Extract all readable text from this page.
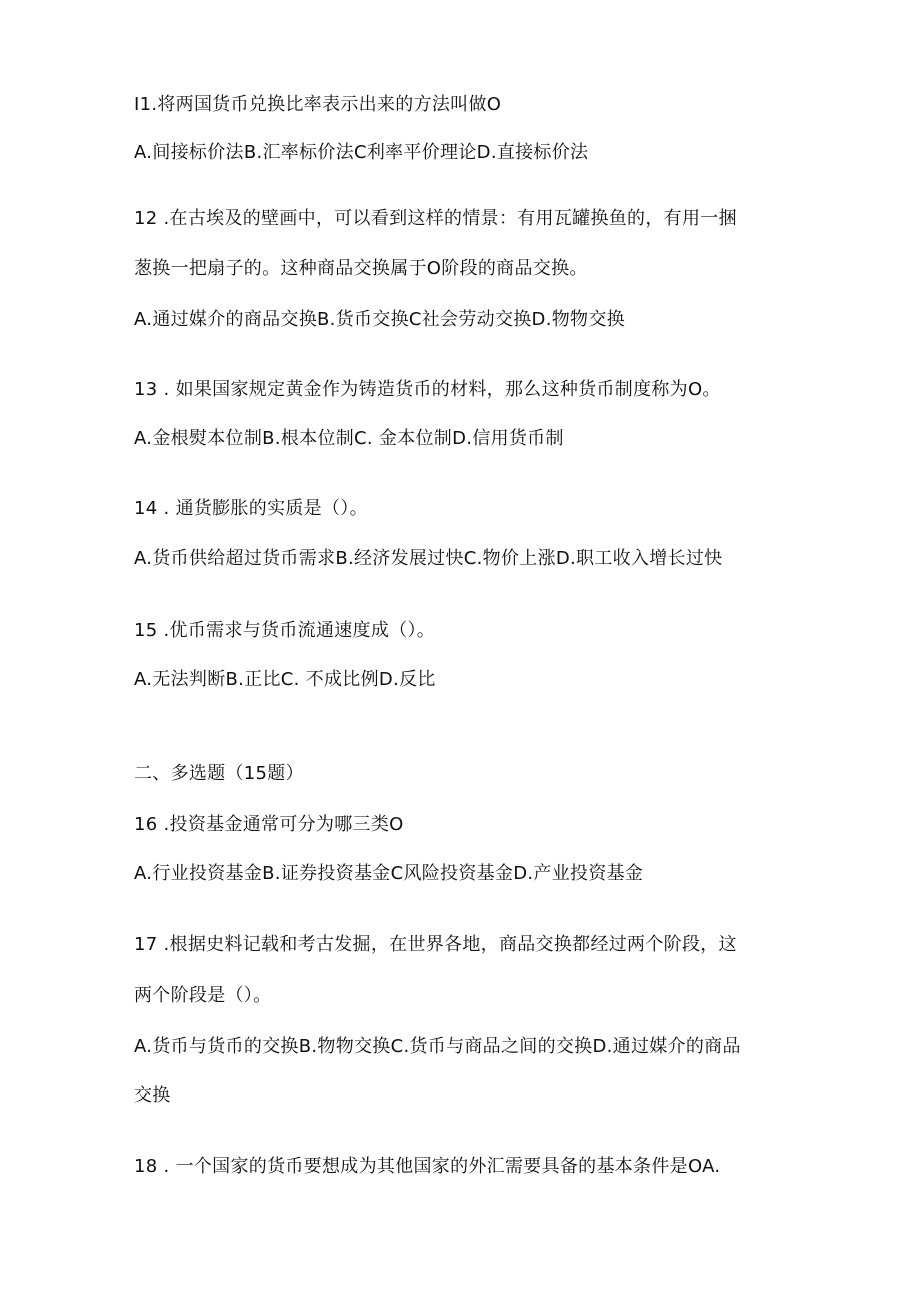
I1.将两国货币兑换比率表示出来的方法叫做O
A.间接标价法B.汇率标价法C利率平价理论D.直接标价法
12 .在古埃及的壁画中，可以看到这样的情景：有用瓦罐换鱼的，有用一捆
葱换一把扇子的。这种商品交换属于O阶段的商品交换。
A.通过媒介的商品交换B.货币交换C社会劳动交换D.物物交换
13 . 如果国家规定黄金作为铸造货币的材料，那么这种货币制度称为O。
A.金根熨本位制B.根本位制C. 金本位制D.信用货币制
14 . 通货膨胀的实质是（）。
A.货币供给超过货币需求B.经济发展过快C.物价上涨D.职工收入增长过快
15 .优币需求与货币流通速度成（）。
A.无法判断B.正比C. 不成比例D.反比
二、多选题（15题）
16 .投资基金通常可分为哪三类O
A.行业投资基金B.证券投资基金C风险投资基金D.产业投资基金
17 .根据史料记载和考古发掘，在世界各地，商品交换都经过两个阶段，这
两个阶段是（）。
A.货币与货币的交换B.物物交换C.货币与商品之间的交换D.通过媒介的商品
交换
18 . 一个国家的货币要想成为其他国家的外汇需要具备的基本条件是OA.
